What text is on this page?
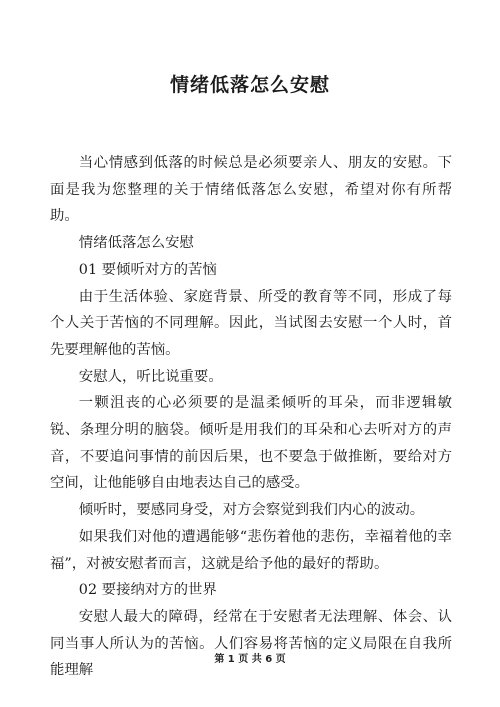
情绪低落怎么安慰

当心情感到低落的时候总是必须要亲人、朋友的安慰。下面是我为您整理的关于情绪低落怎么安慰，希望对你有所帮助。

情绪低落怎么安慰

01 要倾听对方的苦恼

由于生活体验、家庭背景、所受的教育等不同，形成了每个人关于苦恼的不同理解。因此，当试图去安慰一个人时，首先要理解他的苦恼。

安慰人，听比说重要。

一颗沮丧的心必须要的是温柔倾听的耳朵，而非逻辑敏锐、条理分明的脑袋。倾听是用我们的耳朵和心去听对方的声音，不要追问事情的前因后果，也不要急于做推断，要给对方空间，让他能够自由地表达自己的感受。

倾听时，要感同身受，对方会察觉到我们内心的波动。

如果我们对他的遭遇能够“悲伤着他的悲伤，幸福着他的幸福”，对被安慰者而言，这就是给予他的最好的帮助。

02 要接纳对方的世界

安慰人最大的障碍，经常在于安慰者无法理解、体会、认同当事人所认为的苦恼。人们容易将苦恼的定义局限在自我所能理解

第 1 页 共 6 页
